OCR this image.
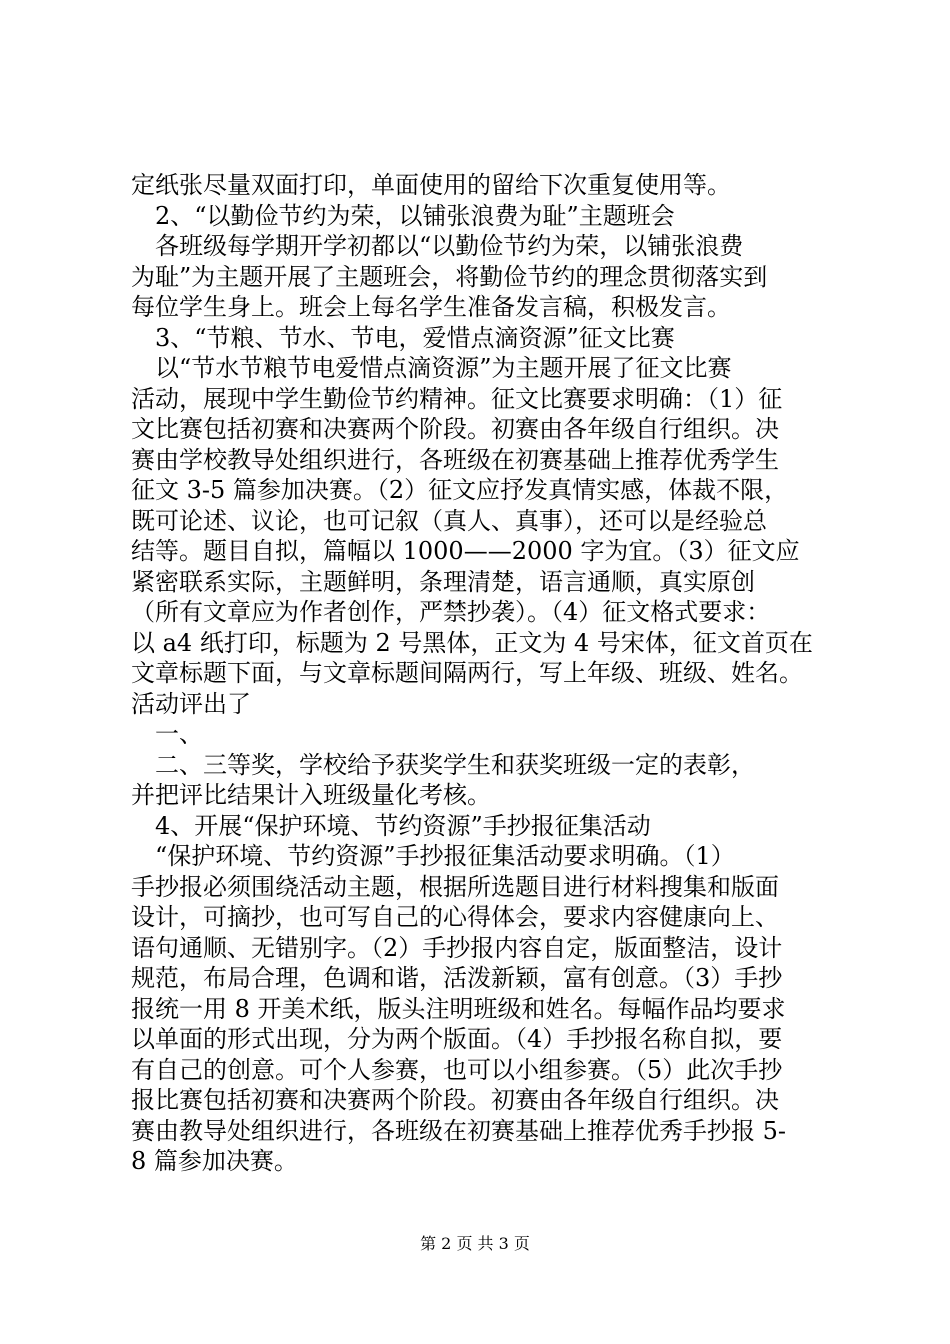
定纸张尽量双面打印，单面使用的留给下次重复使用等。
　2、“以勤俭节约为荣，以铺张浪费为耻”主题班会
　各班级每学期开学初都以“以勤俭节约为荣，以铺张浪费
为耻”为主题开展了主题班会，将勤俭节约的理念贯彻落实到
每位学生身上。班会上每名学生准备发言稿，积极发言。
　3、“节粮、节水、节电，爱惜点滴资源”征文比赛
　以“节水节粮节电爱惜点滴资源”为主题开展了征文比赛
活动，展现中学生勤俭节约精神。征文比赛要求明确：（1）征
文比赛包括初赛和决赛两个阶段。初赛由各年级自行组织。决
赛由学校教导处组织进行，各班级在初赛基础上推荐优秀学生
征文 3-5 篇参加决赛。（2）征文应抒发真情实感，体裁不限，
既可论述、议论，也可记叙（真人、真事），还可以是经验总
结等。题目自拟，篇幅以 1000——2000 字为宜。（3）征文应
紧密联系实际，主题鲜明，条理清楚，语言通顺，真实原创
（所有文章应为作者创作，严禁抄袭）。（4）征文格式要求：
以 a4 纸打印，标题为 2 号黑体，正文为 4 号宋体，征文首页在
文章标题下面，与文章标题间隔两行，写上年级、班级、姓名。
活动评出了
　一、
　二、三等奖，学校给予获奖学生和获奖班级一定的表彰，
并把评比结果计入班级量化考核。
　4、开展“保护环境、节约资源”手抄报征集活动
　“保护环境、节约资源”手抄报征集活动要求明确。（1）
手抄报必须围绕活动主题，根据所选题目进行材料搜集和版面
设计，可摘抄，也可写自己的心得体会，要求内容健康向上、
语句通顺、无错别字。（2）手抄报内容自定，版面整洁，设计
规范，布局合理，色调和谐，活泼新颖，富有创意。（3）手抄
报统一用 8 开美术纸，版头注明班级和姓名。每幅作品均要求
以单面的形式出现，分为两个版面。（4）手抄报名称自拟，要
有自己的创意。可个人参赛，也可以小组参赛。（5）此次手抄
报比赛包括初赛和决赛两个阶段。初赛由各年级自行组织。决
赛由教导处组织进行，各班级在初赛基础上推荐优秀手抄报 5-
8 篇参加决赛。
第 2 页 共 3 页
